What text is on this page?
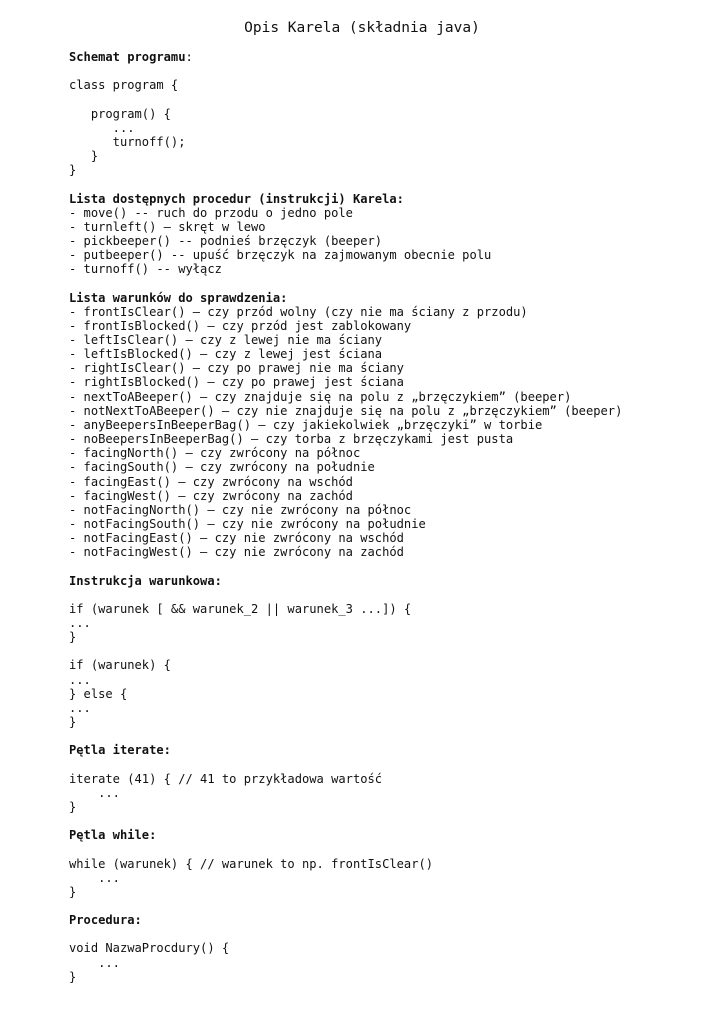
Opis Karela (składnia java)
Schemat programu:
class program {
program() {
...
turnoff();
}
}
Lista dostępnych procedur (instrukcji) Karela:
- move() -- ruch do przodu o jedno pole
- turnleft() – skręt w lewo
- pickbeeper() -- podnieś brzęczyk (beeper)
- putbeeper() -- upuść brzęczyk na zajmowanym obecnie polu
- turnoff() -- wyłącz
Lista warunków do sprawdzenia:
- frontIsClear() – czy przód wolny (czy nie ma ściany z przodu)
- frontIsBlocked() – czy przód jest zablokowany
- leftIsClear() – czy z lewej nie ma ściany
- leftIsBlocked() – czy z lewej jest ściana
- rightIsClear() – czy po prawej nie ma ściany
- rightIsBlocked() – czy po prawej jest ściana
- nextToABeeper() – czy znajduje się na polu z „brzęczykiem” (beeper)
- notNextToABeeper() – czy nie znajduje się na polu z „brzęczykiem” (beeper)
- anyBeepersInBeeperBag() – czy jakiekolwiek „brzęczyki” w torbie
- noBeepersInBeeperBag() – czy torba z brzęczykami jest pusta
- facingNorth() – czy zwrócony na północ
- facingSouth() – czy zwrócony na południe
- facingEast() – czy zwrócony na wschód
- facingWest() – czy zwrócony na zachód
- notFacingNorth() – czy nie zwrócony na północ
- notFacingSouth() – czy nie zwrócony na południe
- notFacingEast() – czy nie zwrócony na wschód
- notFacingWest() – czy nie zwrócony na zachód
Instrukcja warunkowa:
if (warunek [ && warunek_2 || warunek_3 ...]) {
...
}
if (warunek) {
...
} else {
...
}
Pętla iterate:
iterate (41) { // 41 to przykładowa wartość
...
}
Pętla while:
while (warunek) { // warunek to np. frontIsClear()
...
}
Procedura:
void NazwaProcdury() {
...
}
